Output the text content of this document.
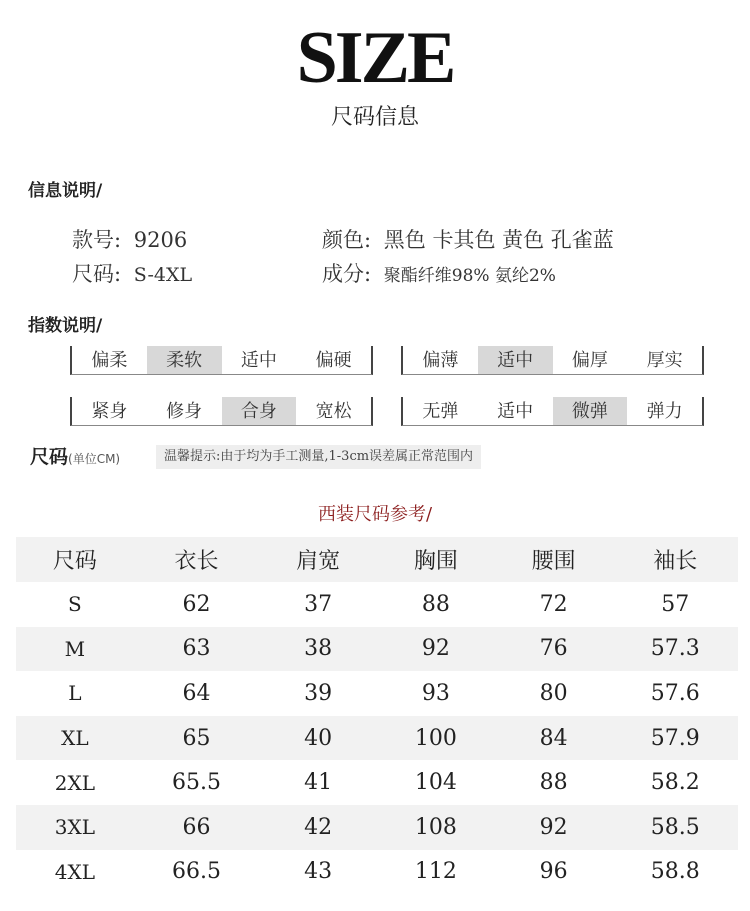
SIZE
尺码信息
信息说明/
款号: 9206
尺码: S-4XL
颜色: 黑色 卡其色 黄色 孔雀蓝
成分: 聚酯纤维98% 氨纶2%
指数说明/
偏柔	柔软	适中	偏硬	偏薄	适中	偏厚	厚实
紧身	修身	合身	宽松	无弹	适中	微弹	弹力
尺码(单位CM)	温馨提示:由于均为手工测量,1-3cm误差属正常范围内
西装尺码参考/
尺码	衣长	肩宽	胸围	腰围	袖长
S	62	37	88	72	57
M	63	38	92	76	57.3
L	64	39	93	80	57.6
XL	65	40	100	84	57.9
2XL	65.5	41	104	88	58.2
3XL	66	42	108	92	58.5
4XL	66.5	43	112	96	58.8
